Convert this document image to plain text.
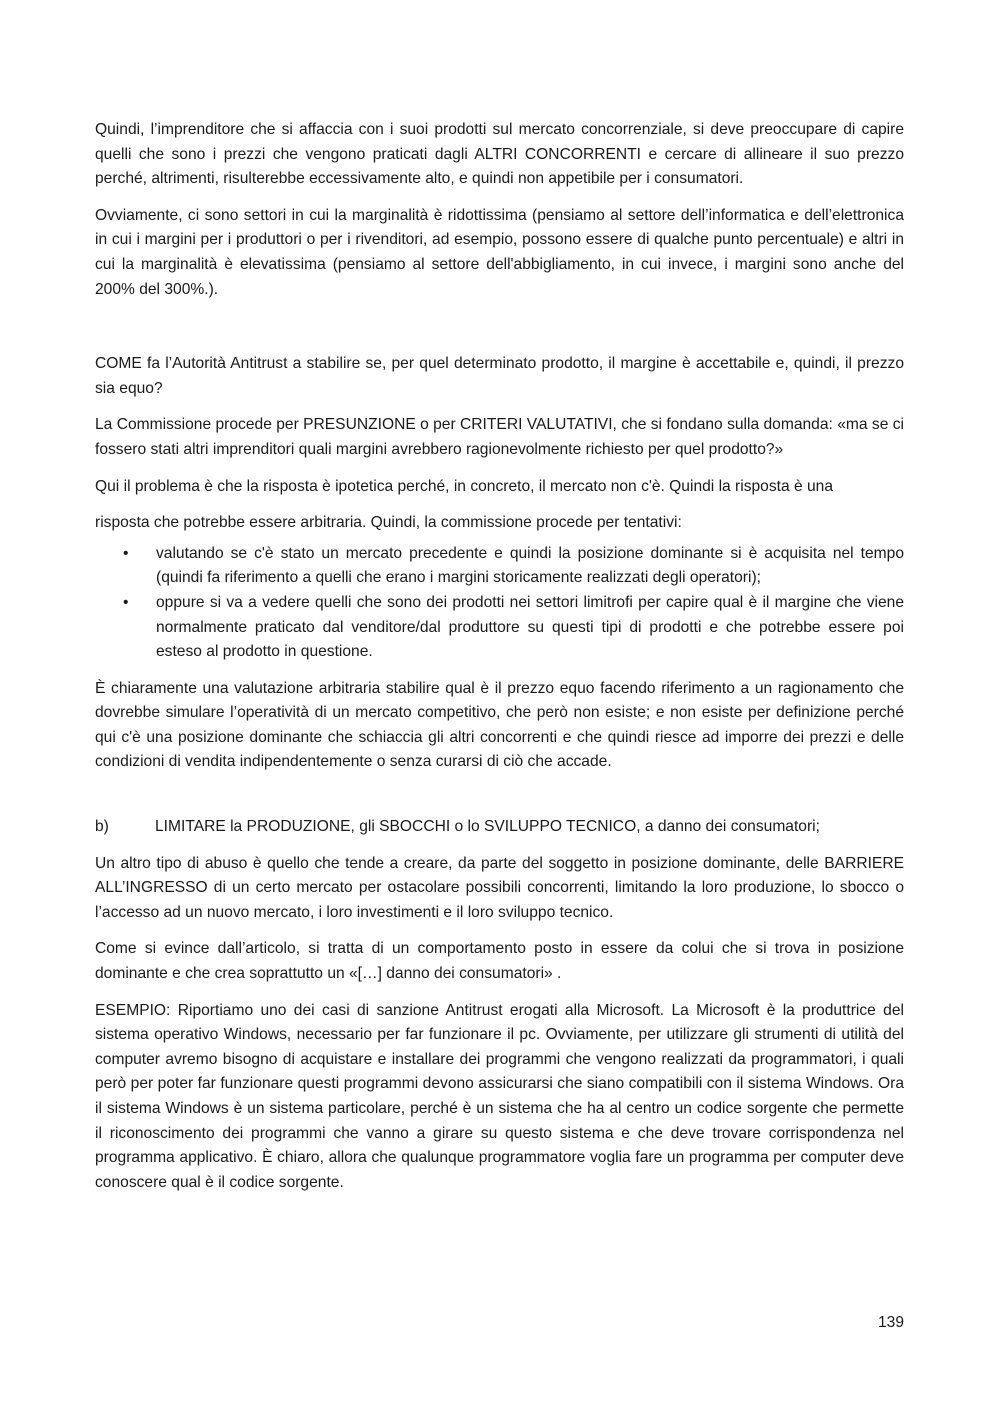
Quindi, l’imprenditore che si affaccia con i suoi prodotti sul mercato concorrenziale, si deve preoccupare di capire quelli che sono i prezzi che vengono praticati dagli ALTRI CONCORRENTI e cercare di allineare il suo prezzo perché, altrimenti, risulterebbe eccessivamente alto, e quindi non appetibile per i consumatori.

Ovviamente, ci sono settori in cui la marginalità è ridottissima (pensiamo al settore dell’informatica e dell’elettronica in cui i margini per i produttori o per i rivenditori, ad esempio, possono essere di qualche punto percentuale) e altri in cui la marginalità è elevatissima (pensiamo al settore dell'abbigliamento, in cui invece, i margini sono anche del 200% del 300%.).

COME fa l’Autorità Antitrust a stabilire se, per quel determinato prodotto, il margine è accettabile e, quindi, il prezzo sia equo?

La Commissione procede per PRESUNZIONE o per CRITERI VALUTATIVI, che si fondano sulla domanda: «ma se ci fossero stati altri imprenditori quali margini avrebbero ragionevolmente richiesto per quel prodotto?»

Qui il problema è che la risposta è ipotetica perché, in concreto, il mercato non c'è. Quindi la risposta è una

risposta che potrebbe essere arbitraria. Quindi, la commissione procede per tentativi:

• valutando se c'è stato un mercato precedente e quindi la posizione dominante si è acquisita nel tempo (quindi fa riferimento a quelli che erano i margini storicamente realizzati degli operatori);
• oppure si va a vedere quelli che sono dei prodotti nei settori limitrofi per capire qual è il margine che viene normalmente praticato dal venditore/dal produttore su questi tipi di prodotti e che potrebbe essere poi esteso al prodotto in questione.

È chiaramente una valutazione arbitraria stabilire qual è il prezzo equo facendo riferimento a un ragionamento che dovrebbe simulare l’operatività di un mercato competitivo, che però non esiste; e non esiste per definizione perché qui c'è una posizione dominante che schiaccia gli altri concorrenti e che quindi riesce ad imporre dei prezzi e delle condizioni di vendita indipendentemente o senza curarsi di ciò che accade.

b)	LIMITARE la PRODUZIONE, gli SBOCCHI o lo SVILUPPO TECNICO, a danno dei consumatori;

Un altro tipo di abuso è quello che tende a creare, da parte del soggetto in posizione dominante, delle BARRIERE ALL’INGRESSO di un certo mercato per ostacolare possibili concorrenti, limitando la loro produzione, lo sbocco o l’accesso ad un nuovo mercato, i loro investimenti e il loro sviluppo tecnico.

Come si evince dall’articolo, si tratta di un comportamento posto in essere da colui che si trova in posizione dominante e che crea soprattutto un «[…] danno dei consumatori» .

ESEMPIO: Riportiamo uno dei casi di sanzione Antitrust erogati alla Microsoft. La Microsoft è la produttrice del sistema operativo Windows, necessario per far funzionare il pc. Ovviamente, per utilizzare gli strumenti di utilità del computer avremo bisogno di acquistare e installare dei programmi che vengono realizzati da programmatori, i quali però per poter far funzionare questi programmi devono assicurarsi che siano compatibili con il sistema Windows. Ora il sistema Windows è un sistema particolare, perché è un sistema che ha al centro un codice sorgente che permette il riconoscimento dei programmi che vanno a girare su questo sistema e che deve trovare corrispondenza nel programma applicativo. È chiaro, allora che qualunque programmatore voglia fare un programma per computer deve conoscere qual è il codice sorgente.

139
